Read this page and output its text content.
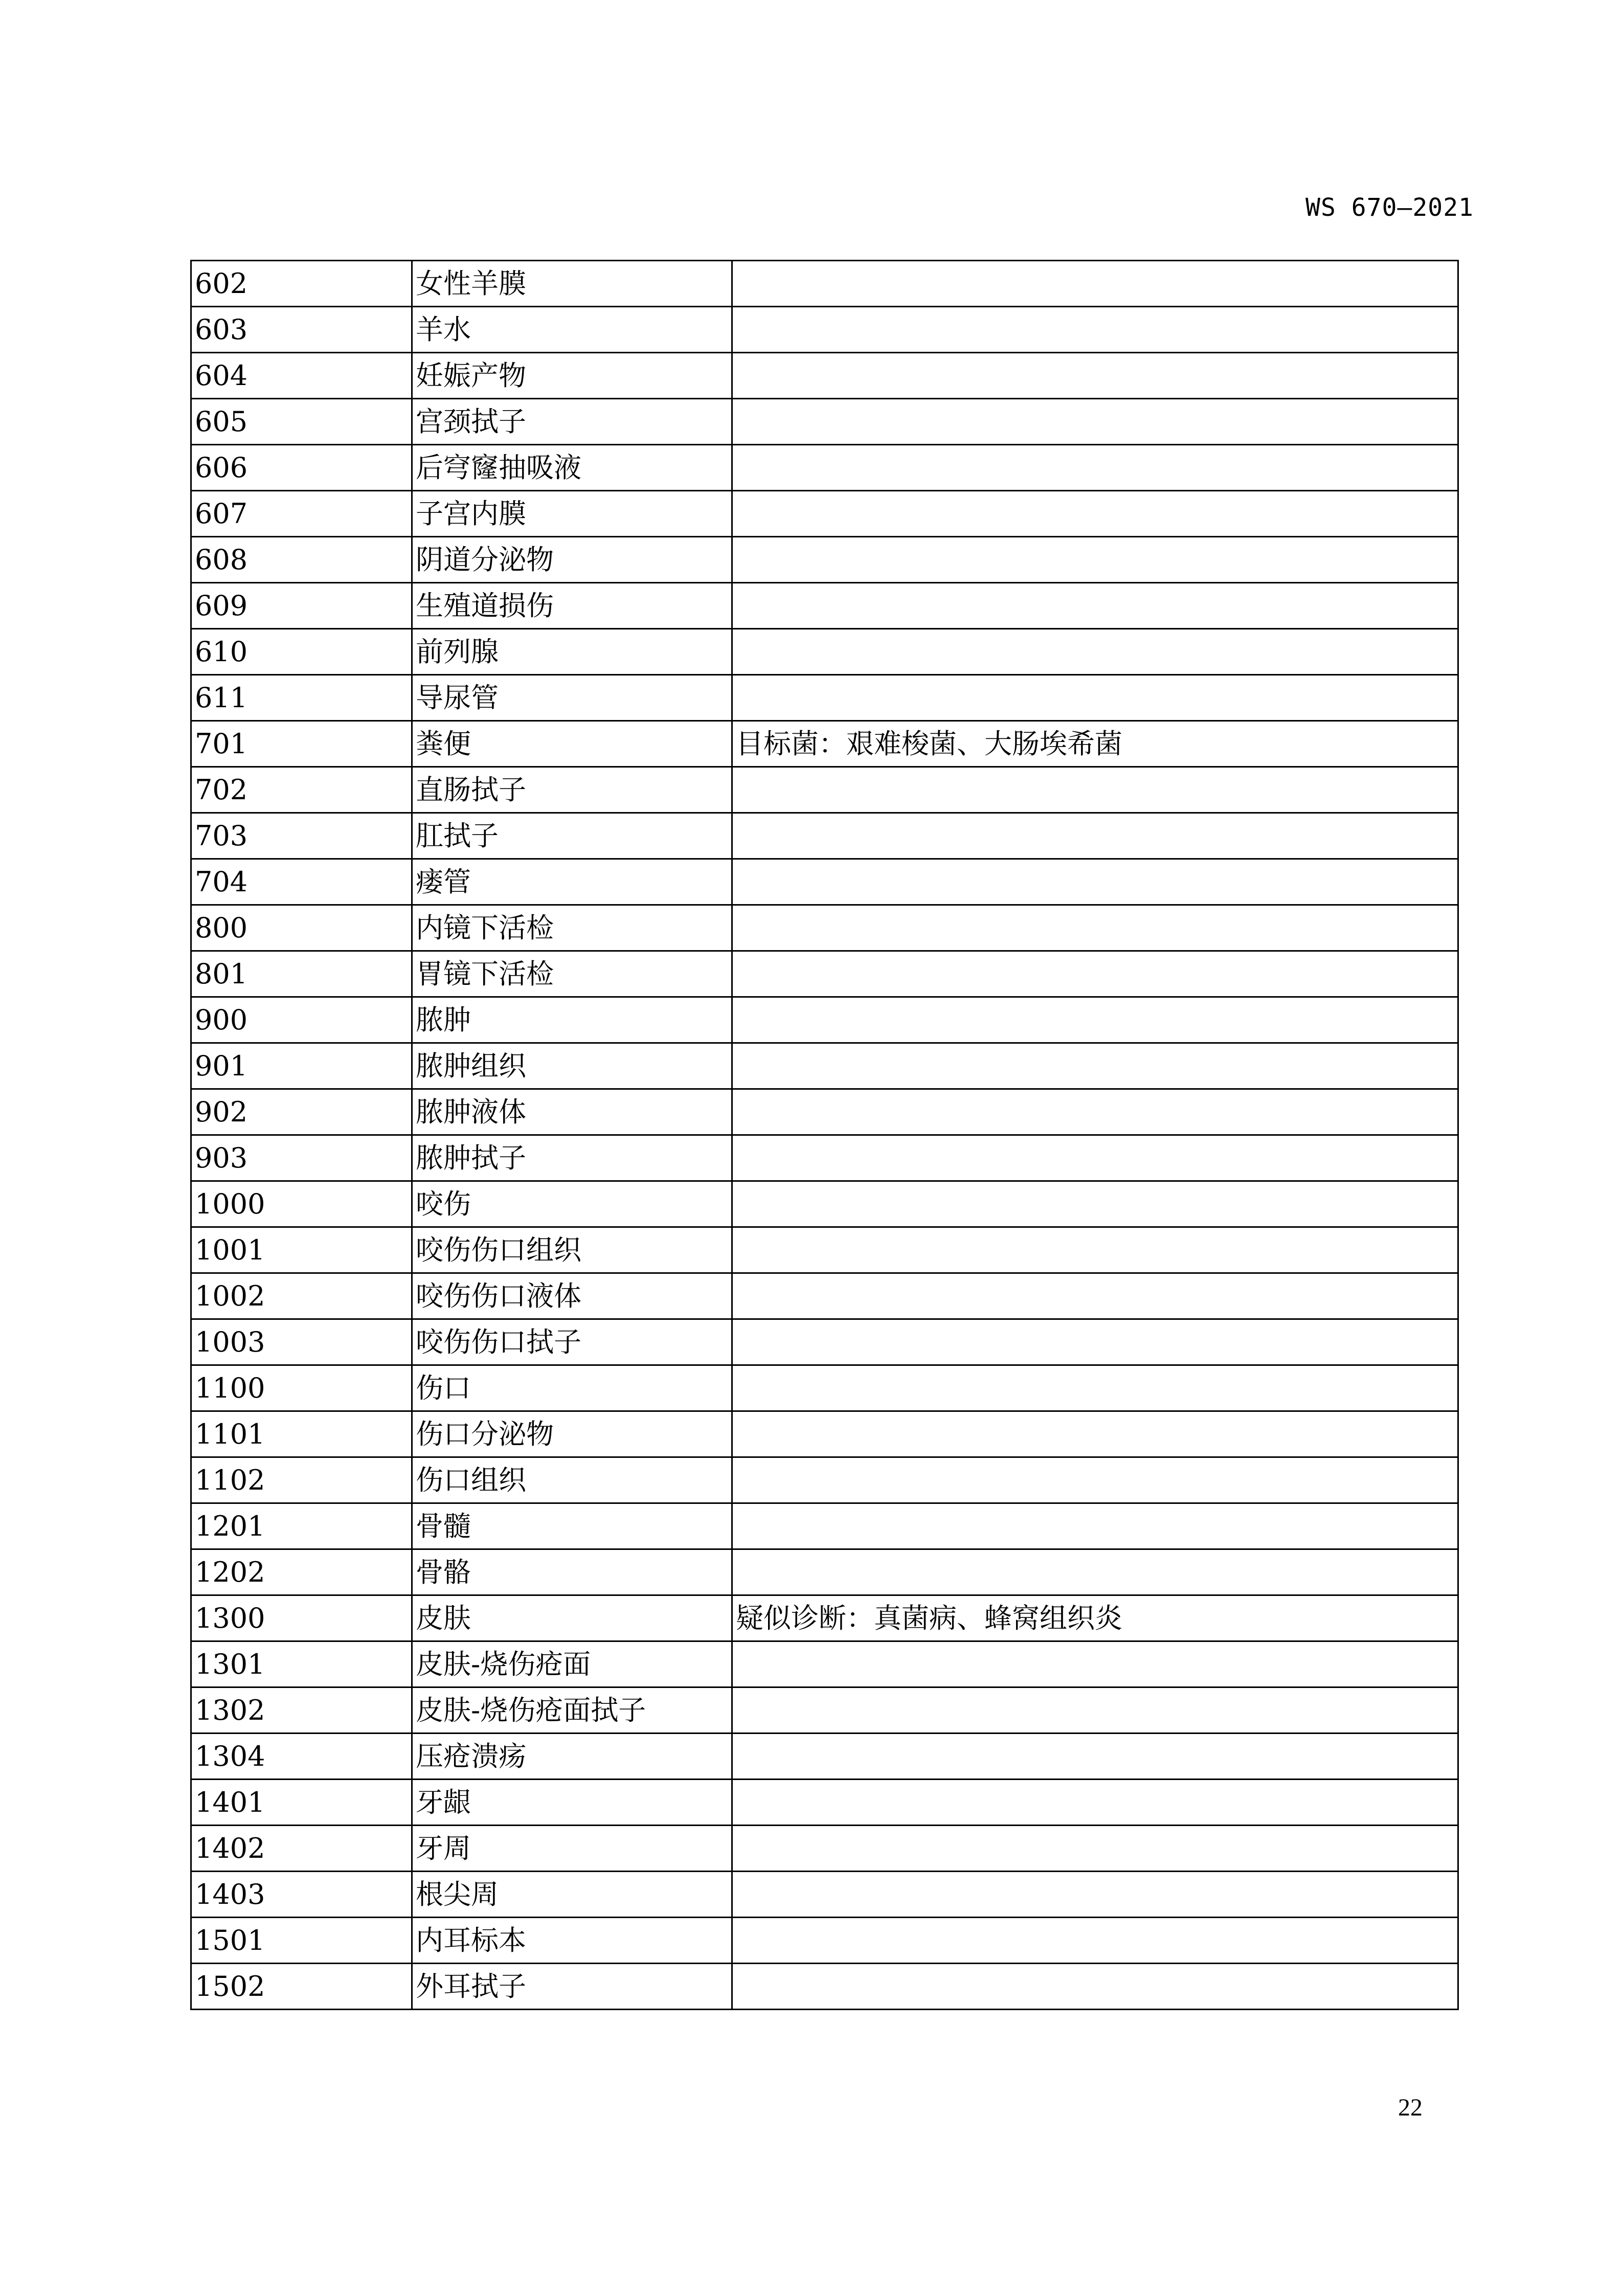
WS 670—2021
602	女性羊膜	
603	羊水	
604	妊娠产物	
605	宫颈拭子	
606	后穹窿抽吸液	
607	子宫内膜	
608	阴道分泌物	
609	生殖道损伤	
610	前列腺	
611	导尿管	
701	粪便	目标菌：艰难梭菌、大肠埃希菌
702	直肠拭子	
703	肛拭子	
704	瘘管	
800	内镜下活检	
801	胃镜下活检	
900	脓肿	
901	脓肿组织	
902	脓肿液体	
903	脓肿拭子	
1000	咬伤	
1001	咬伤伤口组织	
1002	咬伤伤口液体	
1003	咬伤伤口拭子	
1100	伤口	
1101	伤口分泌物	
1102	伤口组织	
1201	骨髓	
1202	骨骼	
1300	皮肤	疑似诊断：真菌病、蜂窝组织炎
1301	皮肤-烧伤疮面	
1302	皮肤-烧伤疮面拭子	
1304	压疮溃疡	
1401	牙龈	
1402	牙周	
1403	根尖周	
1501	内耳标本	
1502	外耳拭子	
22
